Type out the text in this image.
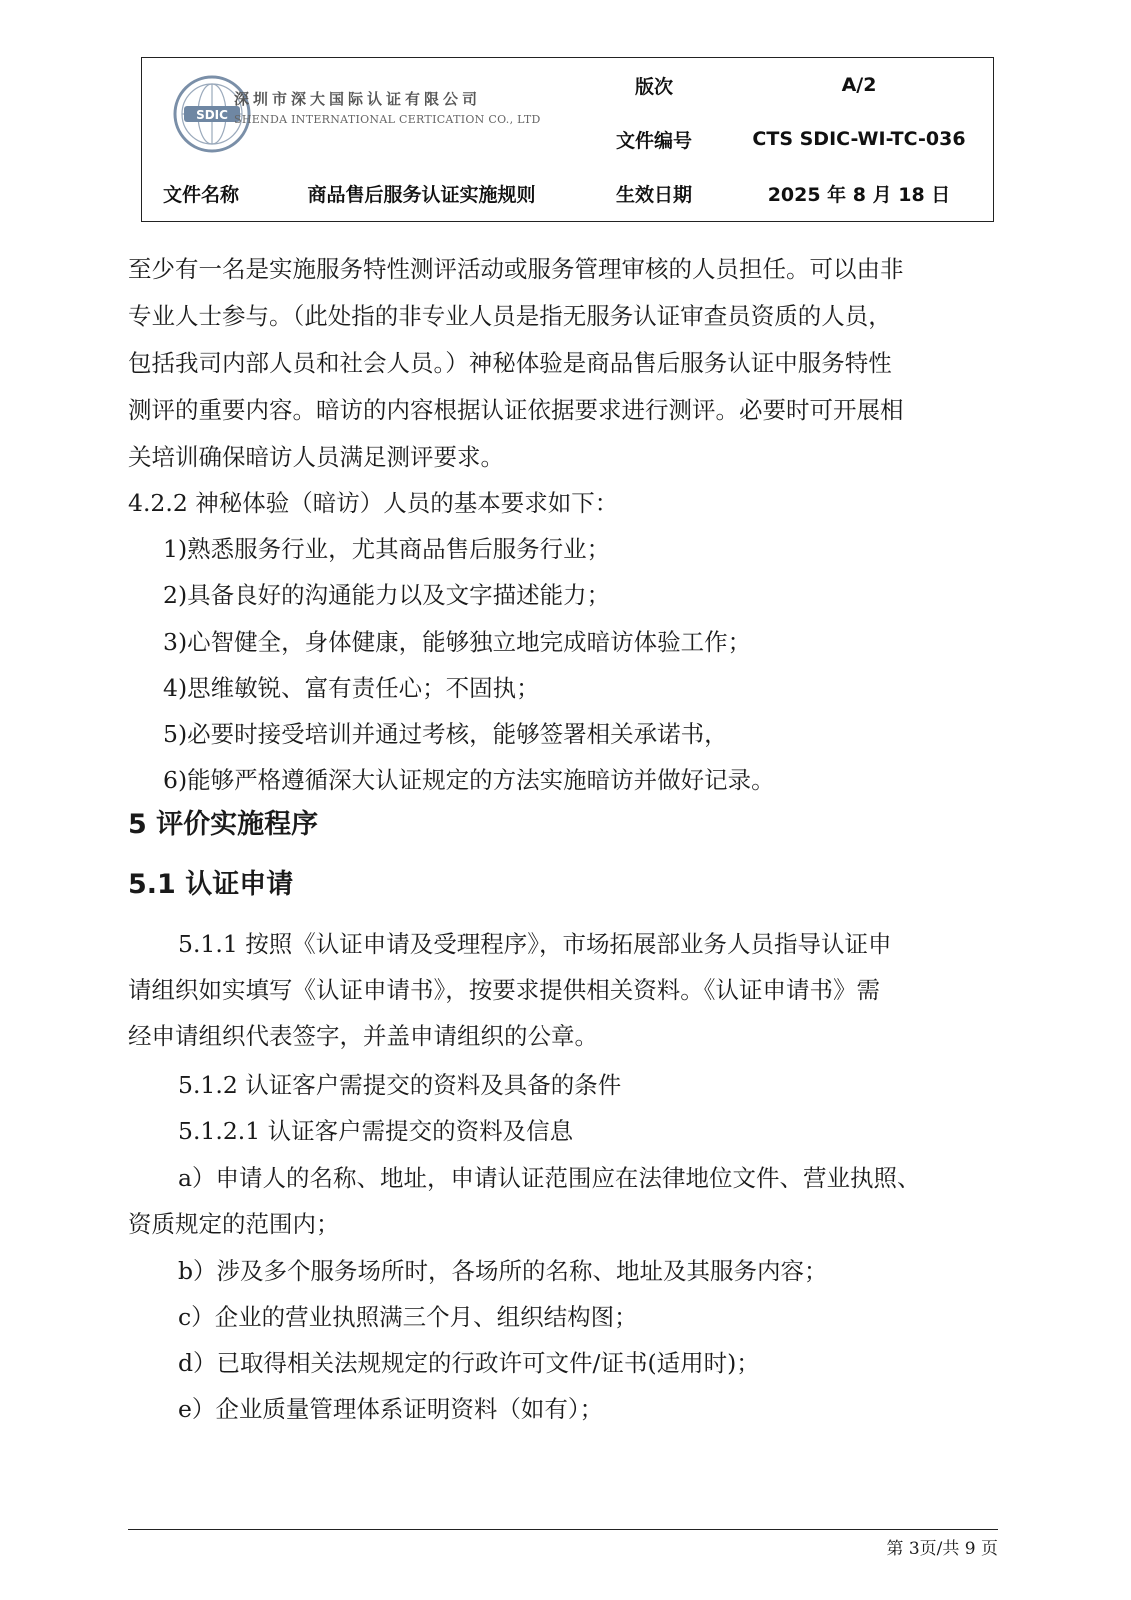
SDIC
深圳市深大国际认证有限公司
SHENDA INTERNATIONAL CERTICATION CO., LTD
版次	A/2
文件编号	CTS SDIC-WI-TC-036
文件名称	商品售后服务认证实施规则	生效日期	2025 年 8 月 18 日
至少有一名是实施服务特性测评活动或服务管理审核的人员担任。可以由非
专业人士参与。（此处指的非专业人员是指无服务认证审查员资质的人员，
包括我司内部人员和社会人员。）神秘体验是商品售后服务认证中服务特性
测评的重要内容。暗访的内容根据认证依据要求进行测评。必要时可开展相
关培训确保暗访人员满足测评要求。
4.2.2 神秘体验（暗访）人员的基本要求如下：
1)熟悉服务行业，尤其商品售后服务行业；
2)具备良好的沟通能力以及文字描述能力；
3)心智健全，身体健康，能够独立地完成暗访体验工作；
4)思维敏锐、富有责任心；不固执；
5)必要时接受培训并通过考核，能够签署相关承诺书，
6)能够严格遵循深大认证规定的方法实施暗访并做好记录。
5 评价实施程序
5.1 认证申请
5.1.1 按照《认证申请及受理程序》，市场拓展部业务人员指导认证申
请组织如实填写《认证申请书》，按要求提供相关资料。《认证申请书》需
经申请组织代表签字，并盖申请组织的公章。
5.1.2 认证客户需提交的资料及具备的条件
5.1.2.1 认证客户需提交的资料及信息
a）申请人的名称、地址，申请认证范围应在法律地位文件、营业执照、
资质规定的范围内；
b）涉及多个服务场所时，各场所的名称、地址及其服务内容；
c）企业的营业执照满三个月、组织结构图；
d）已取得相关法规规定的行政许可文件/证书(适用时)；
e）企业质量管理体系证明资料（如有）；
第 3页/共 9 页
